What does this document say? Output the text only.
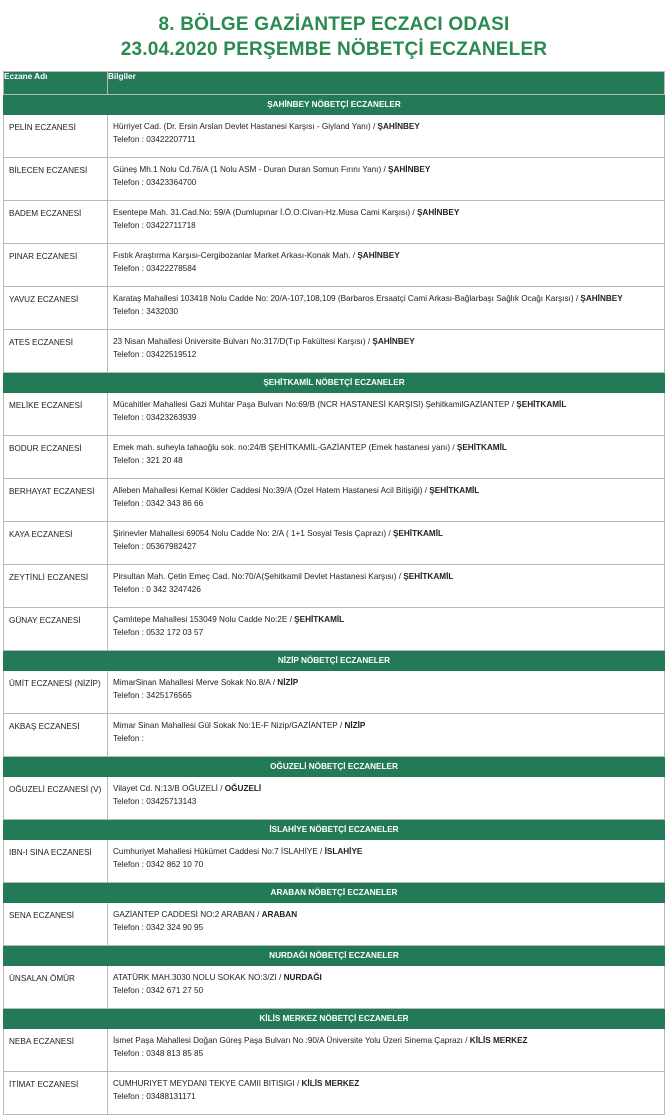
8. BÖLGE GAZİANTEP ECZACI ODASI
23.04.2020 PERŞEMBE NÖBETÇİ ECZANELER
Eczane Adı	Bilgiler
ŞAHİNBEY NÖBETÇİ ECZANELER	
PELİN ECZANESİ	Hürriyet Cad. (Dr. Ersin Arslan Devlet Hastanesi Karşısı - Giyland Yanı) / ŞAHİNBEY
Telefon : 03422207711
BİLECEN ECZANESİ	Güneş Mh.1 Nolu Cd.76/A (1 Nolu ASM - Duran Duran Somun Fırını Yanı) / ŞAHİNBEY
Telefon : 03423364700
BADEM ECZANESİ	Esentepe Mah. 31.Cad.No: 59/A (Dumlupınar İ.Ö.O.Civarı-Hz.Musa Cami Karşısı) / ŞAHİNBEY
Telefon : 03422711718
PINAR ECZANESİ	Fıstık Araştırma Karşısı-Cergibozanlar Market Arkası-Konak Mah. / ŞAHİNBEY
Telefon : 03422278584
YAVUZ ECZANESİ	Karataş Mahallesi 103418 Nolu Cadde No: 20/A-107,108,109 (Barbaros Ersaatçi Cami Arkası-Bağlarbaşı Sağlık Ocağı Karşısı) / ŞAHİNBEY
Telefon : 3432030
ATES ECZANESİ	23 Nisan Mahallesi Üniversite Bulvarı No:317/D(Tıp Fakültesi Karşısı) / ŞAHİNBEY
Telefon : 03422519512
ŞEHİTKAMİL NÖBETÇİ ECZANELER	
MELİKE ECZANESİ	Mücahitler Mahallesi Gazi Muhtar Paşa Bulvarı No:69/B (NCR HASTANESİ KARŞISI) ŞehitkamilGAZİANTEP / ŞEHİTKAMİL
Telefon : 03423263939
BODUR ECZANESİ	Emek mah. suheyla tahaoğlu sok. no:24/B ŞEHİTKAMİL-GAZİANTEP (Emek hastanesi yanı) / ŞEHİTKAMİL
Telefon : 321 20 48
BERHAYAT ECZANESİ	Alleben Mahallesi Kemal Kökler Caddesi No:39/A (Özel Hatem Hastanesi Acil Bitişiği) / ŞEHİTKAMİL
Telefon : 0342 343 86 66
KAYA ECZANESİ	Şirinevler Mahallesi 69054 Nolu Cadde No: 2/A ( 1+1 Sosyal Tesis Çaprazı) / ŞEHİTKAMİL
Telefon : 05367982427
ZEYTİNLİ ECZANESİ	Pirsultan Mah. Çetin Emeç Cad. No:70/A(Şehitkamil Devlet Hastanesi Karşısı) / ŞEHİTKAMİL
Telefon : 0 342 3247426
GÜNAY ECZANESİ	Çamlıtepe Mahallesi 153049 Nolu Cadde No:2E / ŞEHİTKAMİL
Telefon : 0532 172 03 57
NİZİP NÖBETÇİ ECZANELER	
ÜMİT ECZANESİ (NİZİP)	MimarSinan Mahallesi Merve Sokak No.8/A / NİZİP
Telefon : 3425176565
AKBAŞ ECZANESİ	Mimar Sinan Mahallesi Gül Sokak No:1E-F Nizip/GAZİANTEP / NİZİP
Telefon :
OĞUZELİ NÖBETÇİ ECZANELER	
OĞUZELİ ECZANESİ (V)	Vilayet Cd. N:13/B OĞUZELİ / OĞUZELİ
Telefon : 03425713143
İSLAHİYE NÖBETÇİ ECZANELER	
IBN-I SINA ECZANESİ	Cumhuriyet Mahallesi Hükümet Caddesi No:7 İSLAHİYE / İSLAHİYE
Telefon : 0342 862 10 70
ARABAN NÖBETÇİ ECZANELER	
SENA ECZANESİ	GAZİANTEP CADDESİ NO:2 ARABAN / ARABAN
Telefon : 0342 324 90 95
NURDAĞI NÖBETÇİ ECZANELER	
ÜNSALAN ÖMÜR	ATATÜRK MAH.3030 NOLU SOKAK NO:3/ZI / NURDAĞI
Telefon : 0342 671 27 50
KİLİS MERKEZ NÖBETÇİ ECZANELER	
NEBA ECZANESİ	İsmet Paşa Mahallesi Doğan Güreş Paşa Bulvarı No :90/A Üniversite Yolu Üzeri Sinema Çaprazı / KİLİS MERKEZ
Telefon : 0348 813 85 85
İTİMAT ECZANESİ	CUMHURIYET MEYDANI TEKYE CAMII BITISIGI / KİLİS MERKEZ
Telefon : 03488131171
